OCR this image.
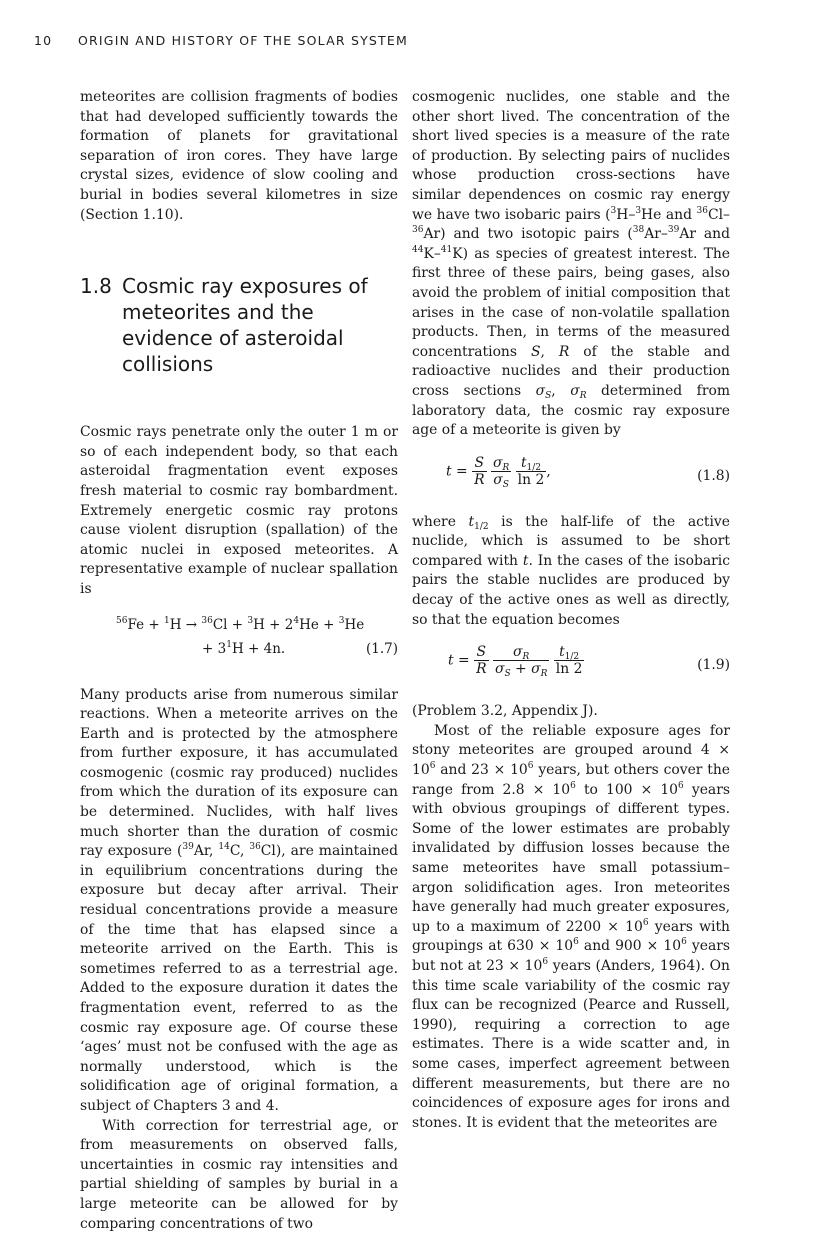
10 ORIGIN AND HISTORY OF THE SOLAR SYSTEM

meteorites are collision fragments of bodies that had developed sufficiently towards the formation of planets for gravitational separation of iron cores. They have large crystal sizes, evidence of slow cooling and burial in bodies several kilometres in size (Section 1.10).

1.8 Cosmic ray exposures of meteorites and the evidence of asteroidal collisions

Cosmic rays penetrate only the outer 1 m or so of each independent body, so that each asteroidal fragmentation event exposes fresh material to cosmic ray bombardment. Extremely energetic cosmic ray protons cause violent disruption (spallation) of the atomic nuclei in exposed meteorites. A representative example of nuclear spallation is

$^{56}Fe + ^1H \to ^{36}Cl + ^3H + 2^4He + ^3He$
+ $3^1H + 4n$.	(1.7)

Many products arise from numerous similar reactions. When a meteorite arrives on the Earth and is protected by the atmosphere from further exposure, it has accumulated cosmogenic (cosmic ray produced) nuclides from which the duration of its exposure can be determined. Nuclides, with half lives much shorter than the duration of cosmic ray exposure ($^{39}$Ar, $^{14}$C, $^{36}$Cl), are maintained in equilibrium concentrations during the exposure but decay after arrival. Their residual concentrations provide a measure of the time that has elapsed since a meteorite arrived on the Earth. This is sometimes referred to as a terrestrial age. Added to the exposure duration it dates the fragmentation event, referred to as the cosmic ray exposure age. Of course these ‘ages’ must not be confused with the age as normally understood, which is the solidification age of original formation, a subject of Chapters 3 and 4.

With correction for terrestrial age, or from measurements on observed falls, uncertainties in cosmic ray intensities and partial shielding of samples by burial in a large meteorite can be allowed for by comparing concentrations of two

cosmogenic nuclides, one stable and the other short lived. The concentration of the short lived species is a measure of the rate of production. By selecting pairs of nuclides whose production cross-sections have similar dependences on cosmic ray energy we have two isobaric pairs ($^3$H–$^3$He and $^{36}$Cl–$^{36}$Ar) and two isotopic pairs ($^{38}$Ar–$^{39}$Ar and $^{44}$K–$^{41}$K) as species of greatest interest. The first three of these pairs, being gases, also avoid the problem of initial composition that arises in the case of non-volatile spallation products. Then, in terms of the measured concentrations S, R of the stable and radioactive nuclides and their production cross sections $\sigma_S$, $\sigma_R$ determined from laboratory data, the cosmic ray exposure age of a meteorite is given by

$t = \frac{S}{R}$
$\frac{\sigma_R}{\sigma_S}$
$\frac{t_{1/2}}{\ln 2}$ ,	(1.8)

where $t_{1/2}$ is the half-life of the active nuclide, which is assumed to be short compared with t. In the cases of the isobaric pairs the stable nuclides are produced by decay of the active ones as well as directly, so that the equation becomes

$t = \frac{S}{R}$
$\frac{\sigma_R}{\sigma_S + \sigma_R}$
$\frac{t_{1/2}}{\ln 2}$	(1.9)

(Problem 3.2, Appendix J).

Most of the reliable exposure ages for stony meteorites are grouped around $4 \times 10^6$ and $23 \times 10^6$ years, but others cover the range from $2.8 \times 10^6$ to $100 \times 10^6$ years with obvious groupings of different types. Some of the lower estimates are probably invalidated by diffusion losses because the same meteorites have small potassium–argon solidification ages. Iron meteorites have generally had much greater exposures, up to a maximum of $2200 \times 10^6$ years with groupings at $630 \times 10^6$ and $900 \times 10^6$ years but not at $23 \times 10^6$ years (Anders, 1964). On this time scale variability of the cosmic ray flux can be recognized (Pearce and Russell, 1990), requiring a correction to age estimates. There is a wide scatter and, in some cases, imperfect agreement between different measurements, but there are no coincidences of exposure ages for irons and stones. It is evident that the meteorites are
